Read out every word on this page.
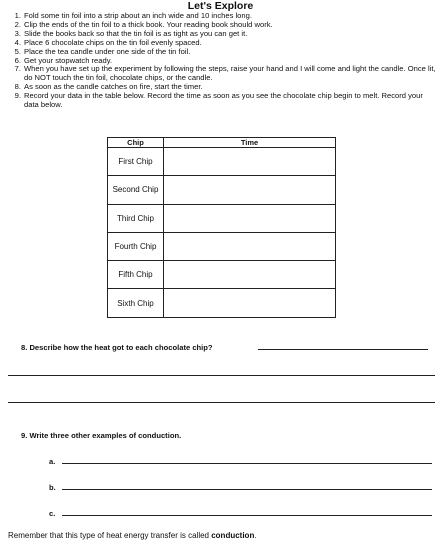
Let's Explore
1. Fold some tin foil into a strip about an inch wide and 10 inches long.
2. Clip the ends of the tin foil to a thick book. Your reading book should work.
3. Slide the books back so that the tin foil is as tight as you can get it.
4. Place 6 chocolate chips on the tin foil evenly spaced.
5. Place the tea candle under one side of the tin foil.
6. Get your stopwatch ready.
7. When you have set up the experiment by following the steps, raise your hand and I will come and light the candle. Once lit, do NOT touch the tin foil, chocolate chips, or the candle.
8. As soon as the candle catches on fire, start the timer.
9. Record your data in the table below. Record the time as soon as you see the chocolate chip begin to melt. Record your data below.
Chip	Time
First Chip	
Second Chip	
Third Chip	
Fourth Chip	
Fifth Chip	
Sixth Chip	
8. Describe how the heat got to each chocolate chip?
9. Write three other examples of conduction.
a.
b.
c.
Remember that this type of heat energy transfer is called conduction.
